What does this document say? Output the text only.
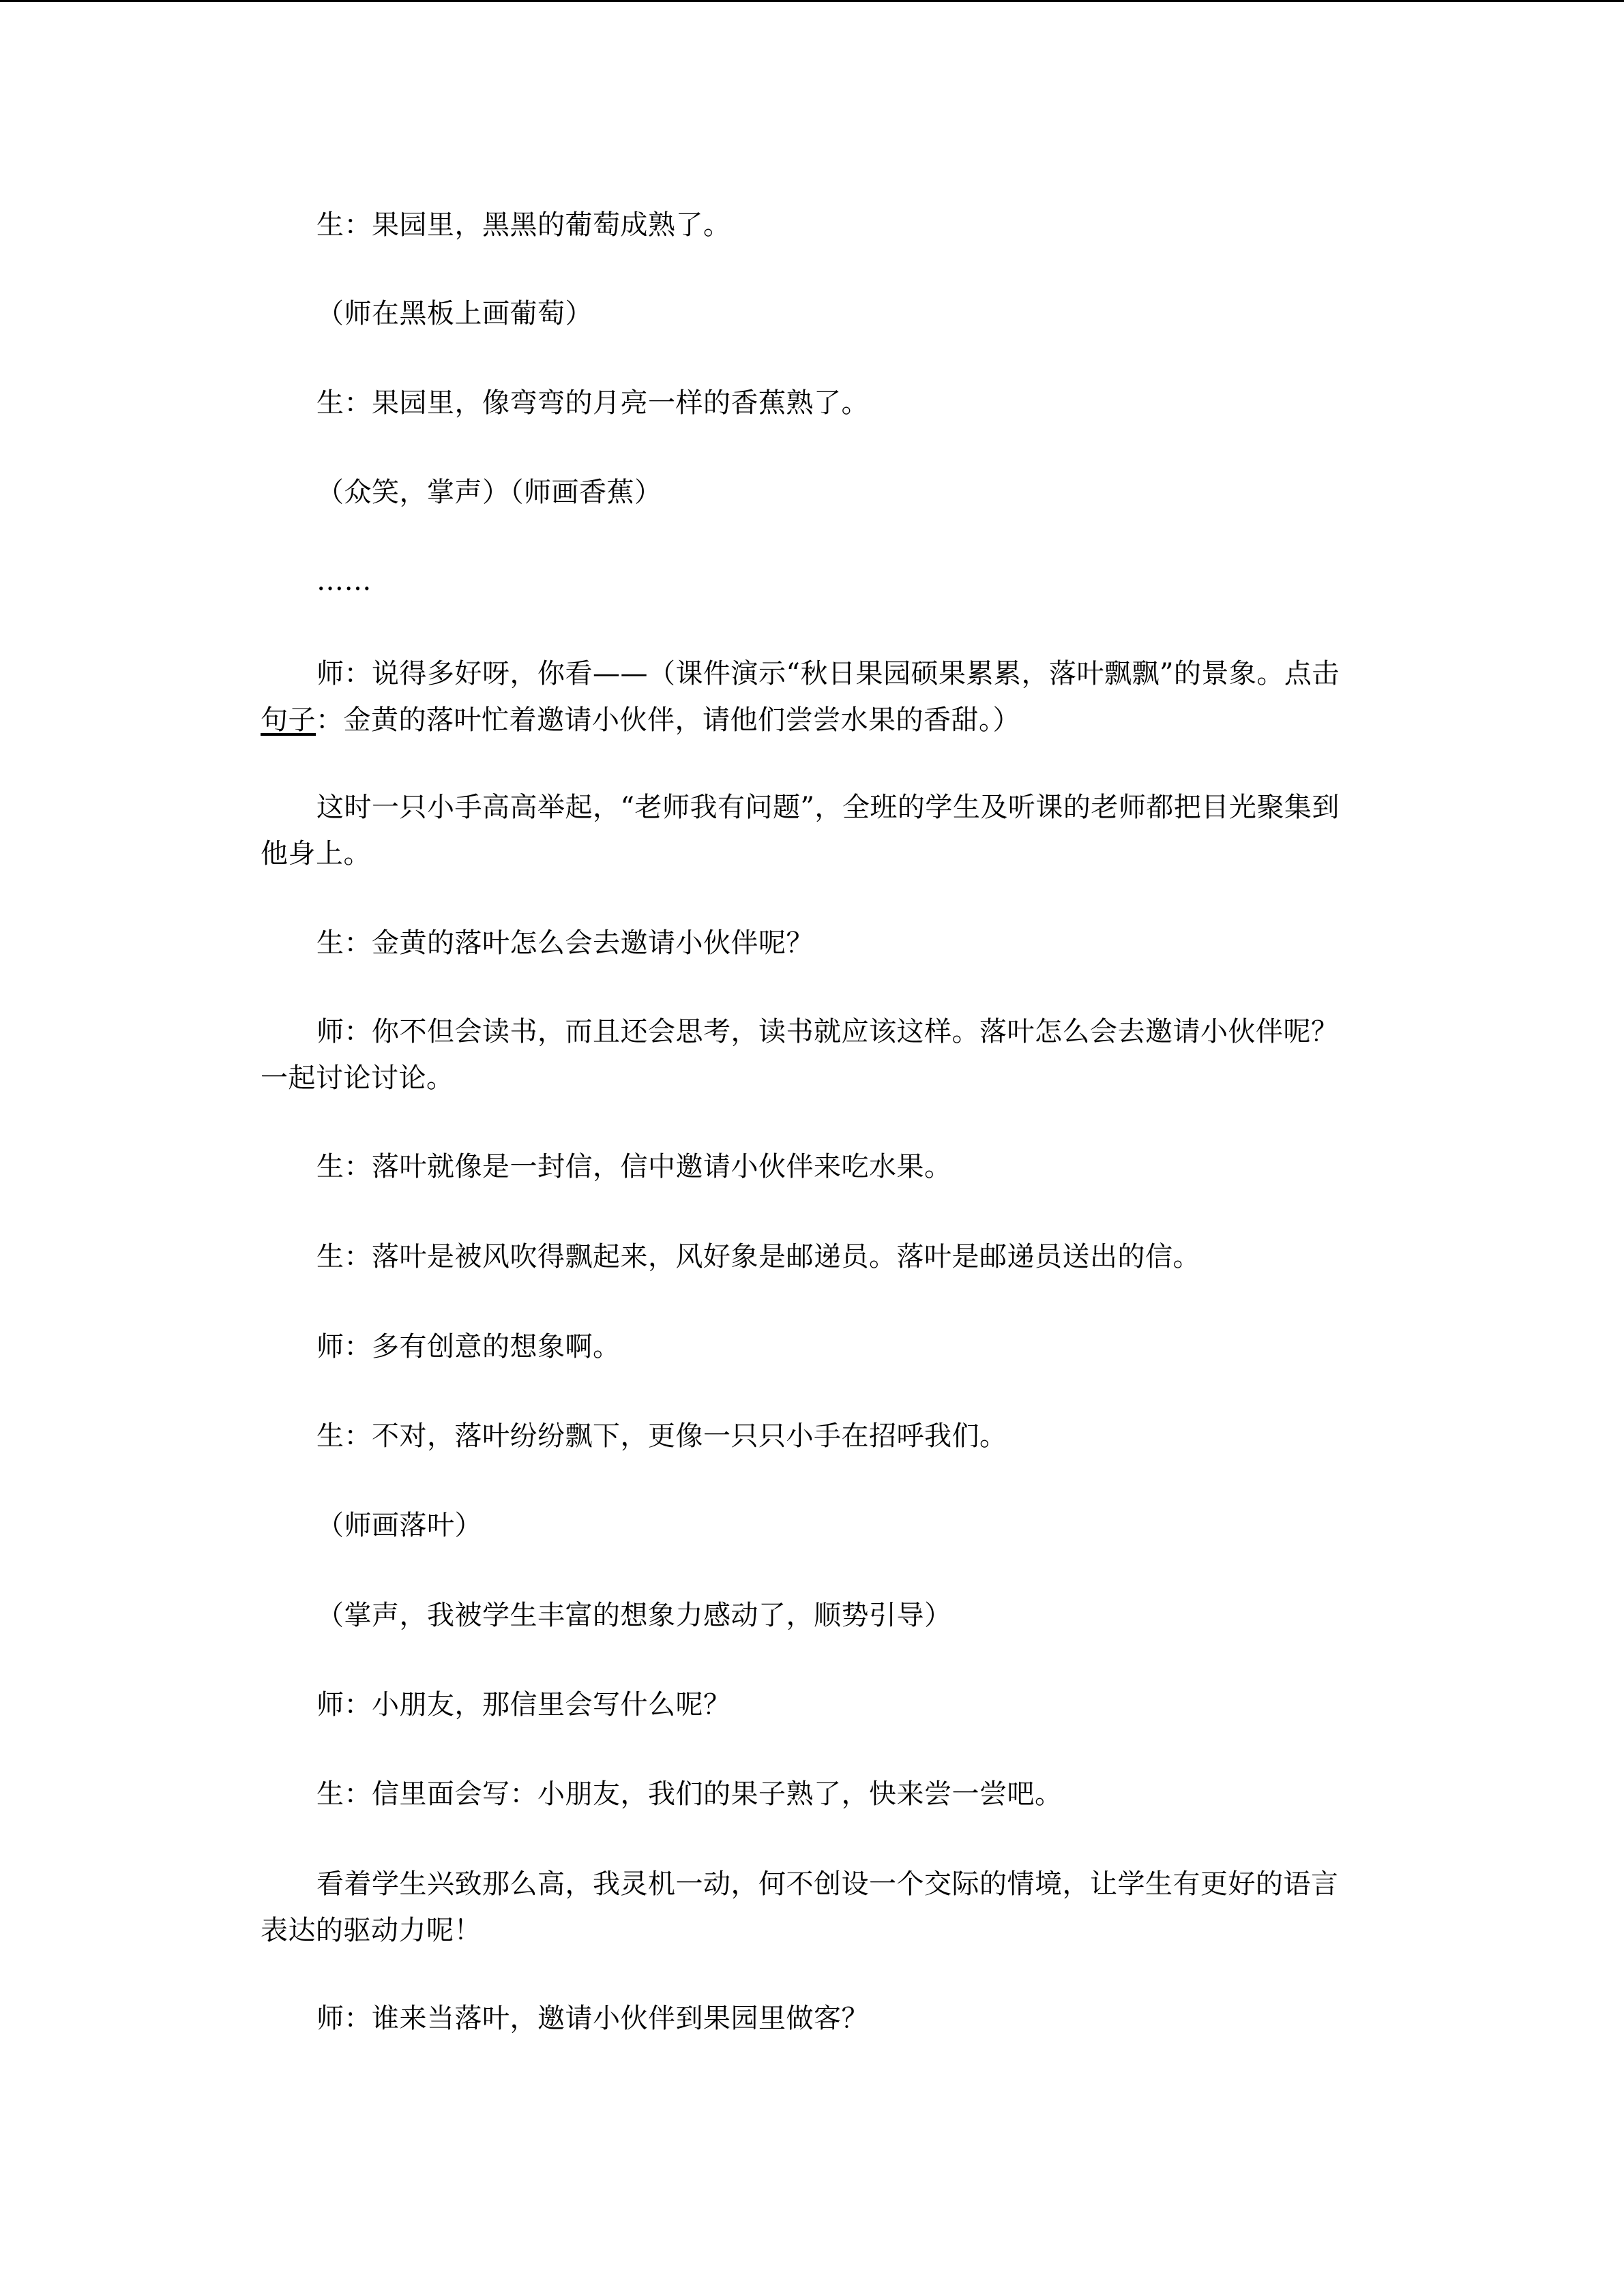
生：果园里，黑黑的葡萄成熟了。

（师在黑板上画葡萄）

生：果园里，像弯弯的月亮一样的香蕉熟了。

（众笑，掌声）（师画香蕉）

……

师：说得多好呀，你看——（课件演示“秋日果园硕果累累，落叶飘飘”的景象。点击句子：金黄的落叶忙着邀请小伙伴，请他们尝尝水果的香甜。）

这时一只小手高高举起，“老师我有问题”，全班的学生及听课的老师都把目光聚集到他身上。

生：金黄的落叶怎么会去邀请小伙伴呢？

师：你不但会读书，而且还会思考，读书就应该这样。落叶怎么会去邀请小伙伴呢？一起讨论讨论。

生：落叶就像是一封信，信中邀请小伙伴来吃水果。

生：落叶是被风吹得飘起来，风好象是邮递员。落叶是邮递员送出的信。

师：多有创意的想象啊。

生：不对，落叶纷纷飘下，更像一只只小手在招呼我们。

（师画落叶）

（掌声，我被学生丰富的想象力感动了，顺势引导）

师：小朋友，那信里会写什么呢？

生：信里面会写：小朋友，我们的果子熟了，快来尝一尝吧。

看着学生兴致那么高，我灵机一动，何不创设一个交际的情境，让学生有更好的语言表达的驱动力呢！

师：谁来当落叶，邀请小伙伴到果园里做客？
